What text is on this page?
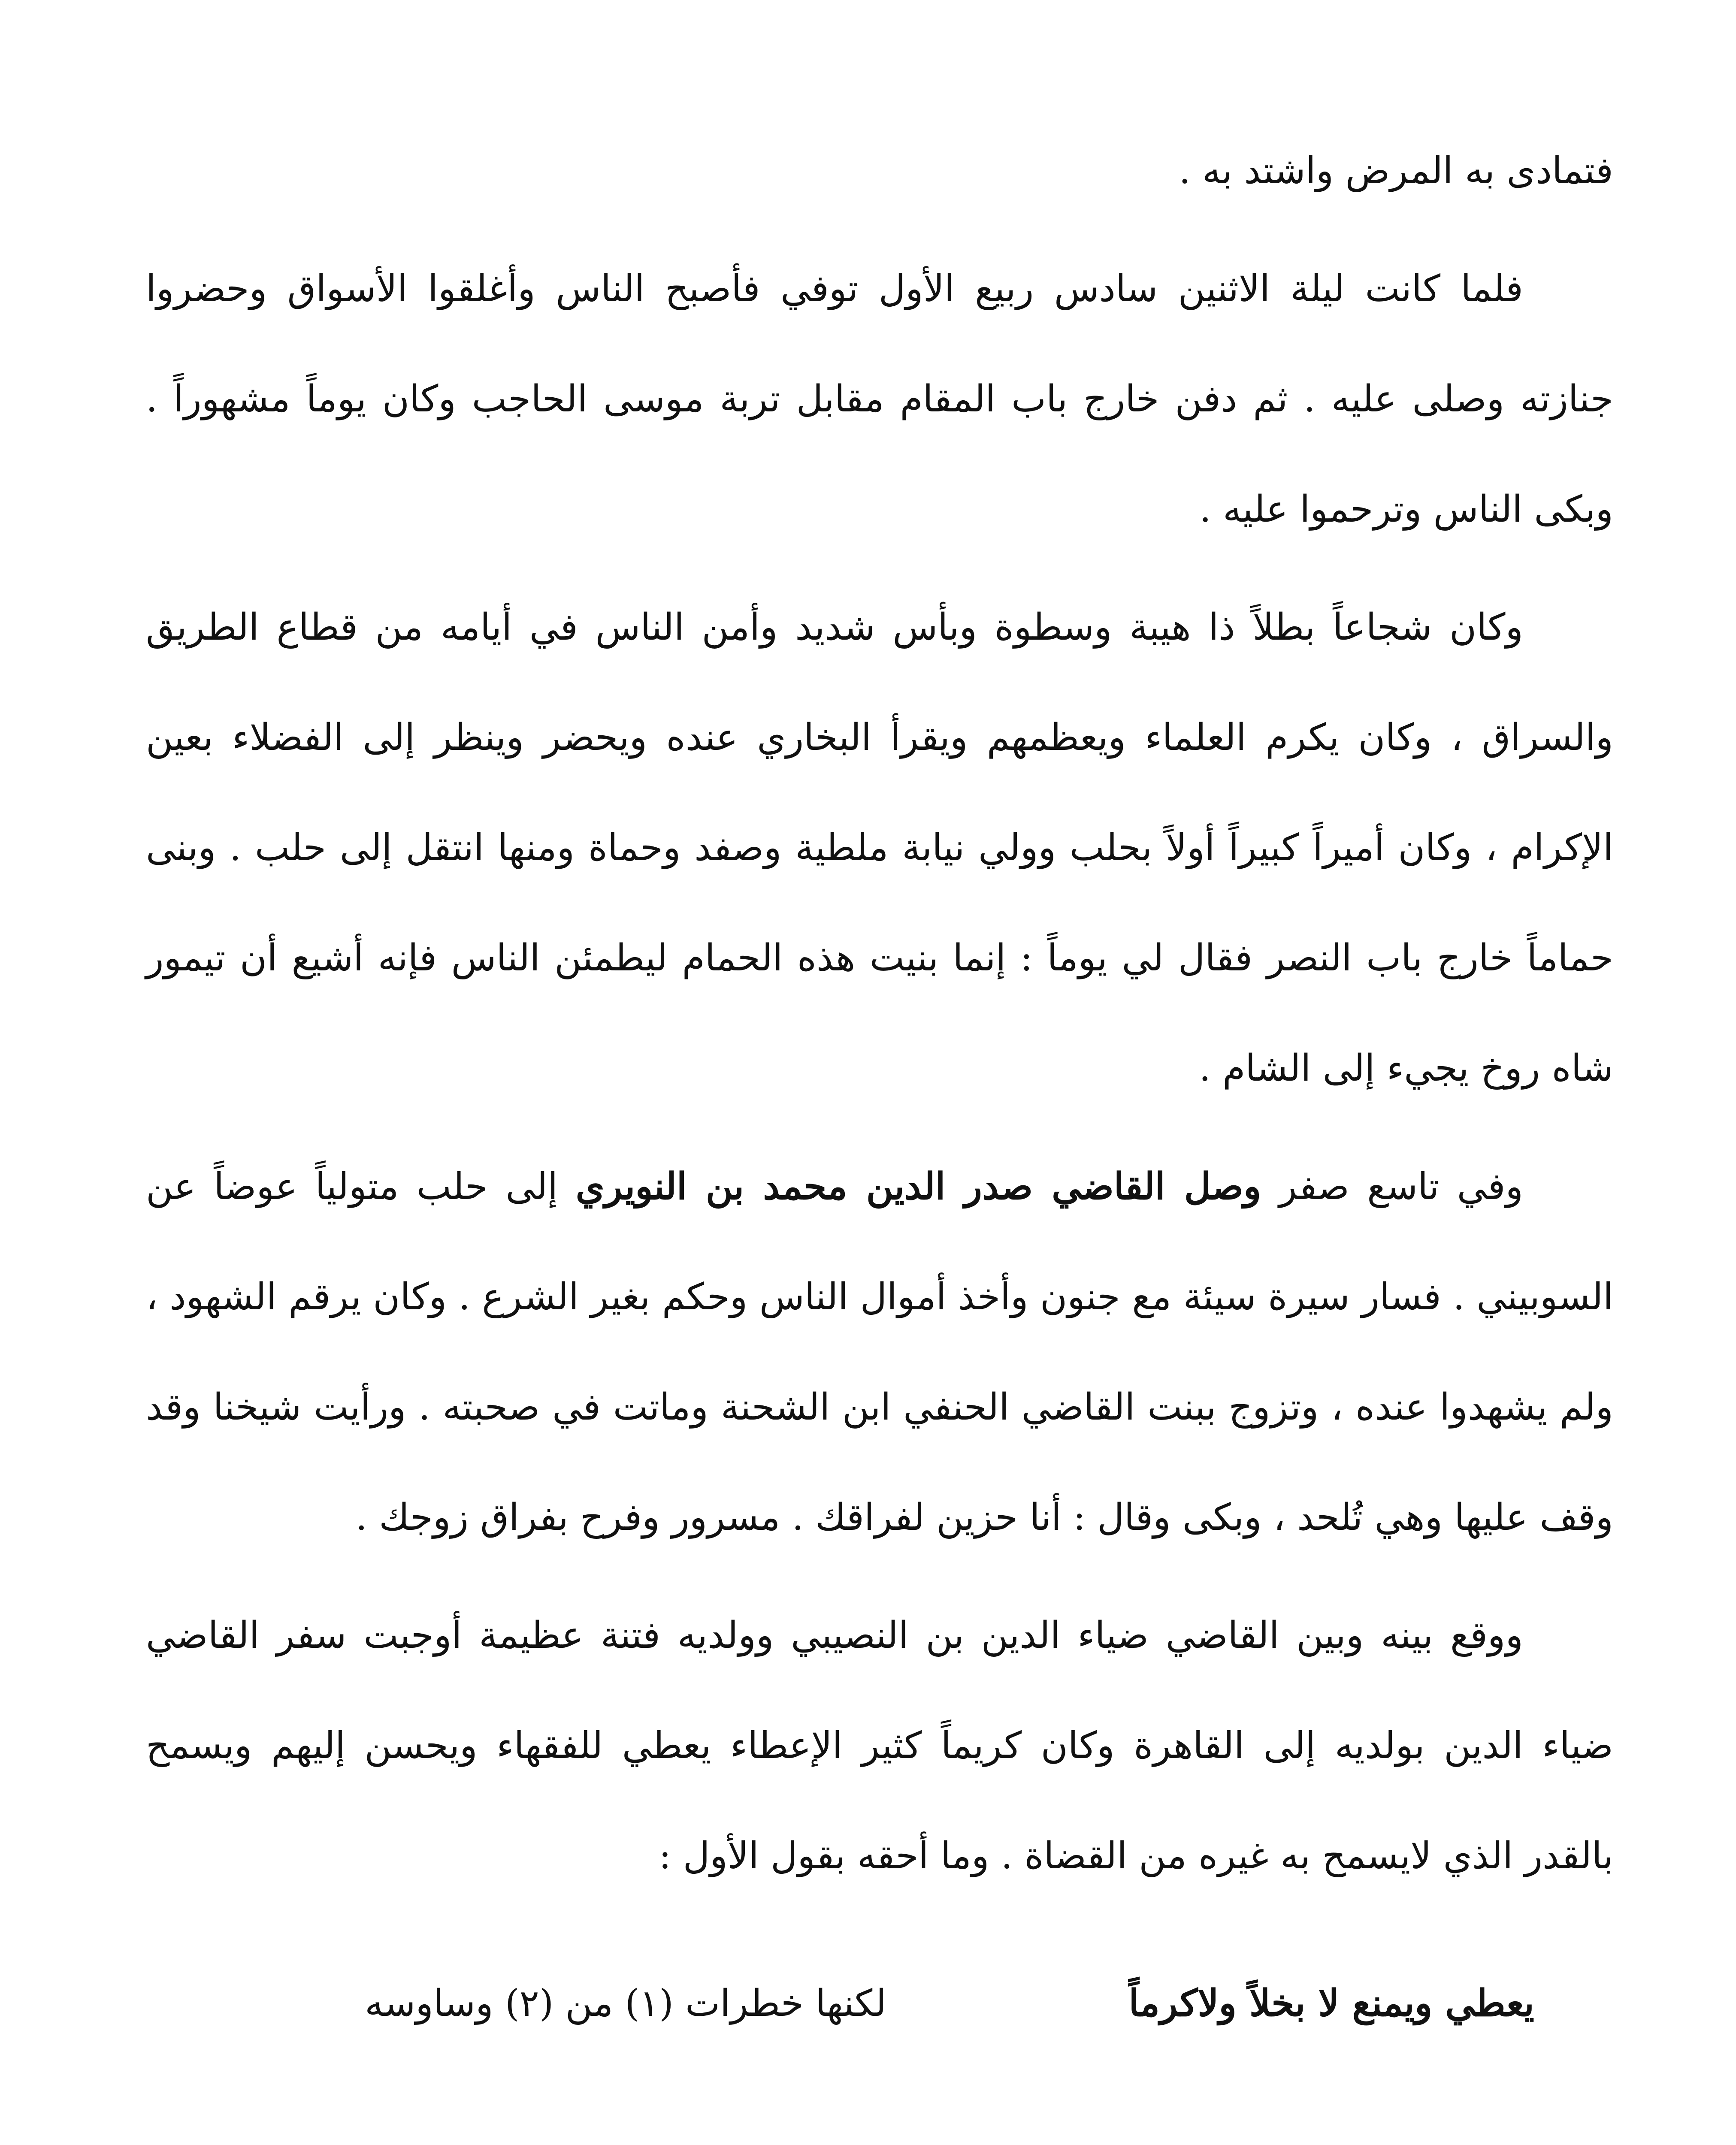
فتمادى به المرض واشتد به .

فلما كانت ليلة الاثنين سادس ربيع الأول توفي فأصبح الناس وأغلقوا الأسواق وحضروا جنازته وصلى عليه . ثم دفن خارج باب المقام مقابل تربة موسى الحاجب وكان يوماً مشهوراً . وبكى الناس وترحموا عليه .

وكان شجاعاً بطلاً ذا هيبة وسطوة وبأس شديد وأمن الناس في أيامه من قطاع الطريق والسراق ، وكان يكرم العلماء ويعظمهم ويقرأ البخاري عنده ويحضر وينظر إلى الفضلاء بعين الإكرام ، وكان أميراً كبيراً أولاً بحلب وولي نيابة ملطية وصفد وحماة ومنها انتقل إلى حلب . وبنى حماماً خارج باب النصر فقال لي يوماً : إنما بنيت هذه الحمام ليطمئن الناس فإنه أشيع أن تيمور شاه روخ يجيء إلى الشام .

وفي تاسع صفر وصل القاضي صدر الدين محمد بن النويري إلى حلب متولياً عوضاً عن السوبيني . فسار سيرة سيئة مع جنون وأخذ أموال الناس وحكم بغير الشرع . وكان يرقم الشهود ، ولم يشهدوا عنده ، وتزوج ببنت القاضي الحنفي ابن الشحنة وماتت في صحبته . ورأيت شيخنا وقد وقف عليها وهي تُلحد ، وبكى وقال : أنا حزين لفراقك . مسرور وفرح بفراق زوجك .

ووقع بينه وبين القاضي ضياء الدين بن النصيبي وولديه فتنة عظيمة أوجبت سفر القاضي ضياء الدين بولديه إلى القاهرة وكان كريماً كثير الإعطاء يعطي للفقهاء ويحسن إليهم ويسمح بالقدر الذي لايسمح به غيره من القضاة . وما أحقه بقول الأول :

يعطي ويمنع لا بخلاً ولاكرماً
لكنها خطرات (١) من (٢) وساوسه
